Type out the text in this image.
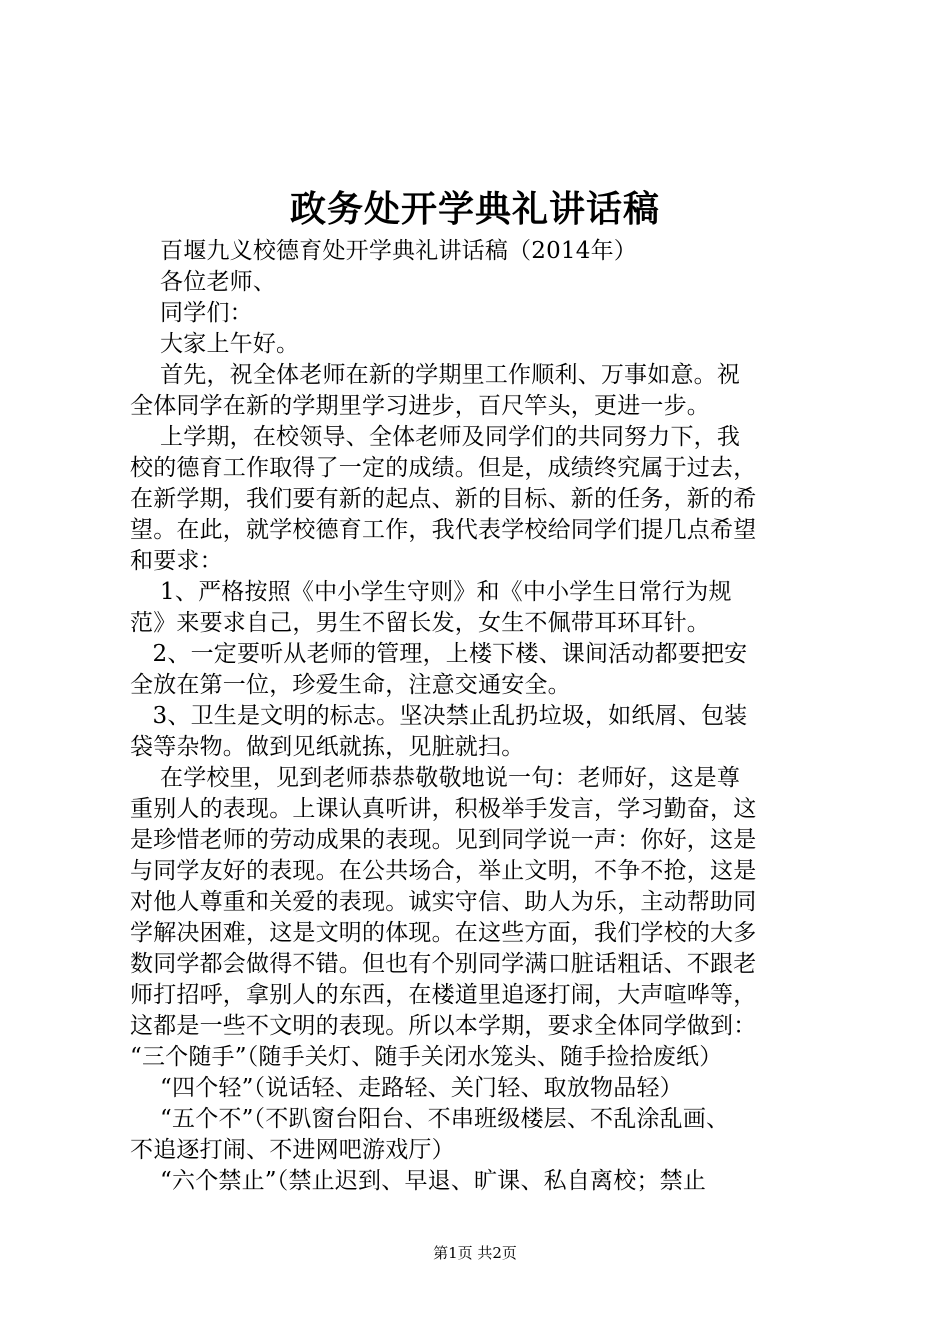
政务处开学典礼讲话稿
百堰九义校德育处开学典礼讲话稿（2014年）
各位老师、
同学们：
大家上午好。
首先，祝全体老师在新的学期里工作顺利、万事如意。祝
全体同学在新的学期里学习进步，百尺竿头，更进一步。
上学期，在校领导、全体老师及同学们的共同努力下，我
校的德育工作取得了一定的成绩。但是，成绩终究属于过去，
在新学期，我们要有新的起点、新的目标、新的任务，新的希
望。在此，就学校德育工作，我代表学校给同学们提几点希望
和要求：
1、严格按照《中小学生守则》和《中小学生日常行为规
范》来要求自己，男生不留长发，女生不佩带耳环耳针。
2、一定要听从老师的管理，上楼下楼、课间活动都要把安
全放在第一位，珍爱生命，注意交通安全。
3、卫生是文明的标志。坚决禁止乱扔垃圾，如纸屑、包装
袋等杂物。做到见纸就拣，见脏就扫。
在学校里，见到老师恭恭敬敬地说一句：老师好，这是尊
重别人的表现。上课认真听讲，积极举手发言，学习勤奋，这
是珍惜老师的劳动成果的表现。见到同学说一声：你好，这是
与同学友好的表现。在公共场合，举止文明，不争不抢，这是
对他人尊重和关爱的表现。诚实守信、助人为乐，主动帮助同
学解决困难，这是文明的体现。在这些方面，我们学校的大多
数同学都会做得不错。但也有个别同学满口脏话粗话、不跟老
师打招呼，拿别人的东西，在楼道里追逐打闹，大声喧哗等，
这都是一些不文明的表现。所以本学期，要求全体同学做到：
“三个随手”（随手关灯、随手关闭水笼头、随手捡拾废纸）
“四个轻”（说话轻、走路轻、关门轻、取放物品轻）
“五个不”（不趴窗台阳台、不串班级楼层、不乱涂乱画、
不追逐打闹、不进网吧游戏厅）
“六个禁止”（禁止迟到、早退、旷课、私自离校；禁止
第1页 共2页
